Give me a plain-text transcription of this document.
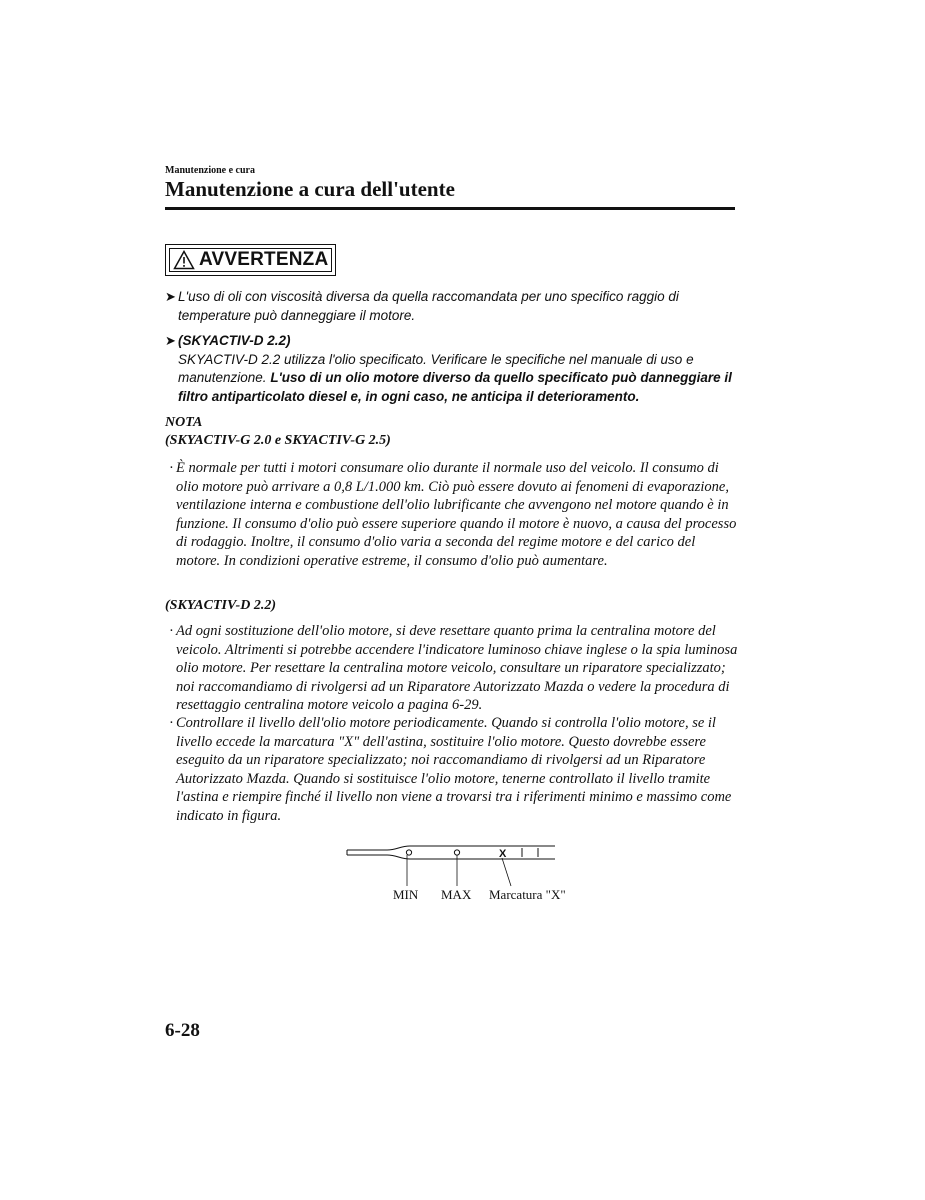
Manutenzione e cura
Manutenzione a cura dell'utente
AVVERTENZA
➤ L'uso di oli con viscosità diversa da quella raccomandata per uno specifico raggio di temperature può danneggiare il motore.
➤ (SKYACTIV-D 2.2)
SKYACTIV-D 2.2 utilizza l'olio specificato. Verificare le specifiche nel manuale di uso e manutenzione. L'uso di un olio motore diverso da quello specificato può danneggiare il filtro antiparticolato diesel e, in ogni caso, ne anticipa il deterioramento.
NOTA
(SKYACTIV-G 2.0 e SKYACTIV-G 2.5)
· È normale per tutti i motori consumare olio durante il normale uso del veicolo. Il consumo di olio motore può arrivare a 0,8 L/1.000 km. Ciò può essere dovuto ai fenomeni di evaporazione, ventilazione interna e combustione dell'olio lubrificante che avvengono nel motore quando è in funzione. Il consumo d'olio può essere superiore quando il motore è nuovo, a causa del processo di rodaggio. Inoltre, il consumo d'olio varia a seconda del regime motore e del carico del motore. In condizioni operative estreme, il consumo d'olio può aumentare.
(SKYACTIV-D 2.2)
· Ad ogni sostituzione dell'olio motore, si deve resettare quanto prima la centralina motore del veicolo. Altrimenti si potrebbe accendere l'indicatore luminoso chiave inglese o la spia luminosa olio motore. Per resettare la centralina motore veicolo, consultare un riparatore specializzato; noi raccomandiamo di rivolgersi ad un Riparatore Autorizzato Mazda o vedere la procedura di resettaggio centralina motore veicolo a pagina 6-29.
· Controllare il livello dell'olio motore periodicamente. Quando si controlla l'olio motore, se il livello eccede la marcatura "X" dell'astina, sostituire l'olio motore. Questo dovrebbe essere eseguito da un riparatore specializzato; noi raccomandiamo di rivolgersi ad un Riparatore Autorizzato Mazda. Quando si sostituisce l'olio motore, tenerne controllato il livello tramite l'astina e riempire finché il livello non viene a trovarsi tra i riferimenti minimo e massimo come indicato in figura.
X
MIN MAX Marcatura "X"
6-28
